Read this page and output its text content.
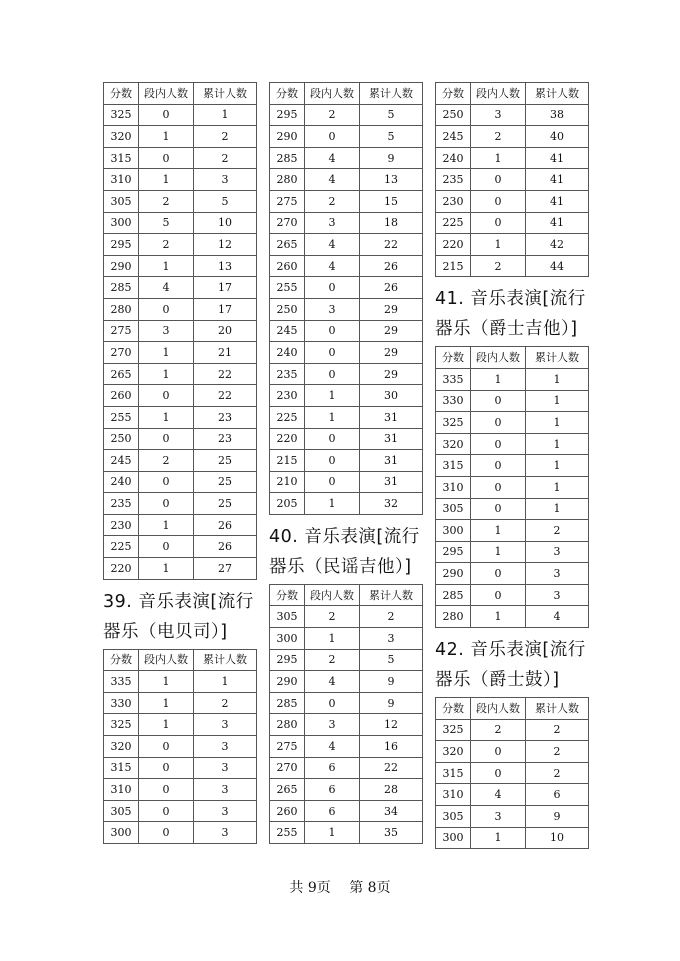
分数	段内人数	累计人数
325	0	1
320	1	2
315	0	2
310	1	3
305	2	5
300	5	10
295	2	12
290	1	13
285	4	17
280	0	17
275	3	20
270	1	21
265	1	22
260	0	22
255	1	23
250	0	23
245	2	25
240	0	25
235	0	25
230	1	26
225	0	26
220	1	27
39. 音乐表演[流行
器乐（电贝司）]
分数	段内人数	累计人数
335	1	1
330	1	2
325	1	3
320	0	3
315	0	3
310	0	3
305	0	3
300	0	3
分数	段内人数	累计人数
295	2	5
290	0	5
285	4	9
280	4	13
275	2	15
270	3	18
265	4	22
260	4	26
255	0	26
250	3	29
245	0	29
240	0	29
235	0	29
230	1	30
225	1	31
220	0	31
215	0	31
210	0	31
205	1	32
40. 音乐表演[流行
器乐（民谣吉他）]
分数	段内人数	累计人数
305	2	2
300	1	3
295	2	5
290	4	9
285	0	9
280	3	12
275	4	16
270	6	22
265	6	28
260	6	34
255	1	35
分数	段内人数	累计人数
250	3	38
245	2	40
240	1	41
235	0	41
230	0	41
225	0	41
220	1	42
215	2	44
41. 音乐表演[流行
器乐（爵士吉他）]
分数	段内人数	累计人数
335	1	1
330	0	1
325	0	1
320	0	1
315	0	1
310	0	1
305	0	1
300	1	2
295	1	3
290	0	3
285	0	3
280	1	4
42. 音乐表演[流行
器乐（爵士鼓）]
分数	段内人数	累计人数
325	2	2
320	0	2
315	0	2
310	4	6
305	3	9
300	1	10
共 9页 第 8页
